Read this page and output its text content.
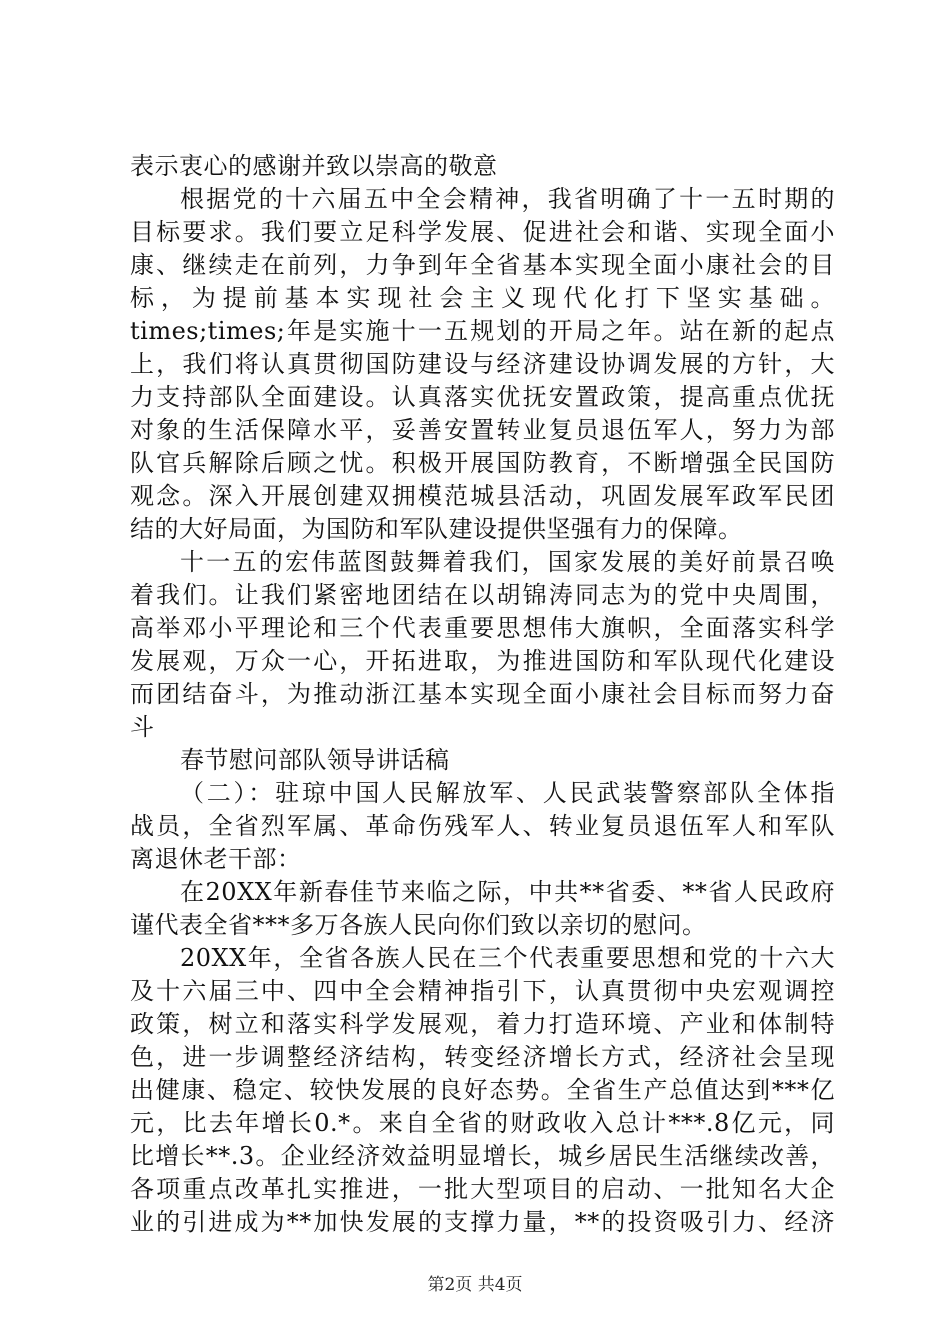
表示衷心的感谢并致以崇高的敬意
根据党的十六届五中全会精神，我省明确了十一五时期的
目标要求。我们要立足科学发展、促进社会和谐、实现全面小
康、继续走在前列，力争到年全省基本实现全面小康社会的目
标，为提前基本实现社会主义现代化打下坚实基础。
times;times;年是实施十一五规划的开局之年。站在新的起点
上，我们将认真贯彻国防建设与经济建设协调发展的方针，大
力支持部队全面建设。认真落实优抚安置政策，提高重点优抚
对象的生活保障水平，妥善安置转业复员退伍军人，努力为部
队官兵解除后顾之忧。积极开展国防教育，不断增强全民国防
观念。深入开展创建双拥模范城县活动，巩固发展军政军民团
结的大好局面，为国防和军队建设提供坚强有力的保障。
十一五的宏伟蓝图鼓舞着我们，国家发展的美好前景召唤
着我们。让我们紧密地团结在以胡锦涛同志为的党中央周围，
高举邓小平理论和三个代表重要思想伟大旗帜，全面落实科学
发展观，万众一心，开拓进取，为推进国防和军队现代化建设
而团结奋斗，为推动浙江基本实现全面小康社会目标而努力奋
斗
春节慰问部队领导讲话稿
（二）：驻琼中国人民解放军、人民武装警察部队全体指
战员，全省烈军属、革命伤残军人、转业复员退伍军人和军队
离退休老干部：
在20XX年新春佳节来临之际，中共**省委、**省人民政府
谨代表全省***多万各族人民向你们致以亲切的慰问。
20XX年，全省各族人民在三个代表重要思想和党的十六大
及十六届三中、四中全会精神指引下，认真贯彻中央宏观调控
政策，树立和落实科学发展观，着力打造环境、产业和体制特
色，进一步调整经济结构，转变经济增长方式，经济社会呈现
出健康、稳定、较快发展的良好态势。全省生产总值达到***亿
元，比去年增长0.*。来自全省的财政收入总计***.8亿元，同
比增长**.3。企业经济效益明显增长，城乡居民生活继续改善，
各项重点改革扎实推进，一批大型项目的启动、一批知名大企
业的引进成为**加快发展的支撑力量，**的投资吸引力、经济
第2页 共4页
